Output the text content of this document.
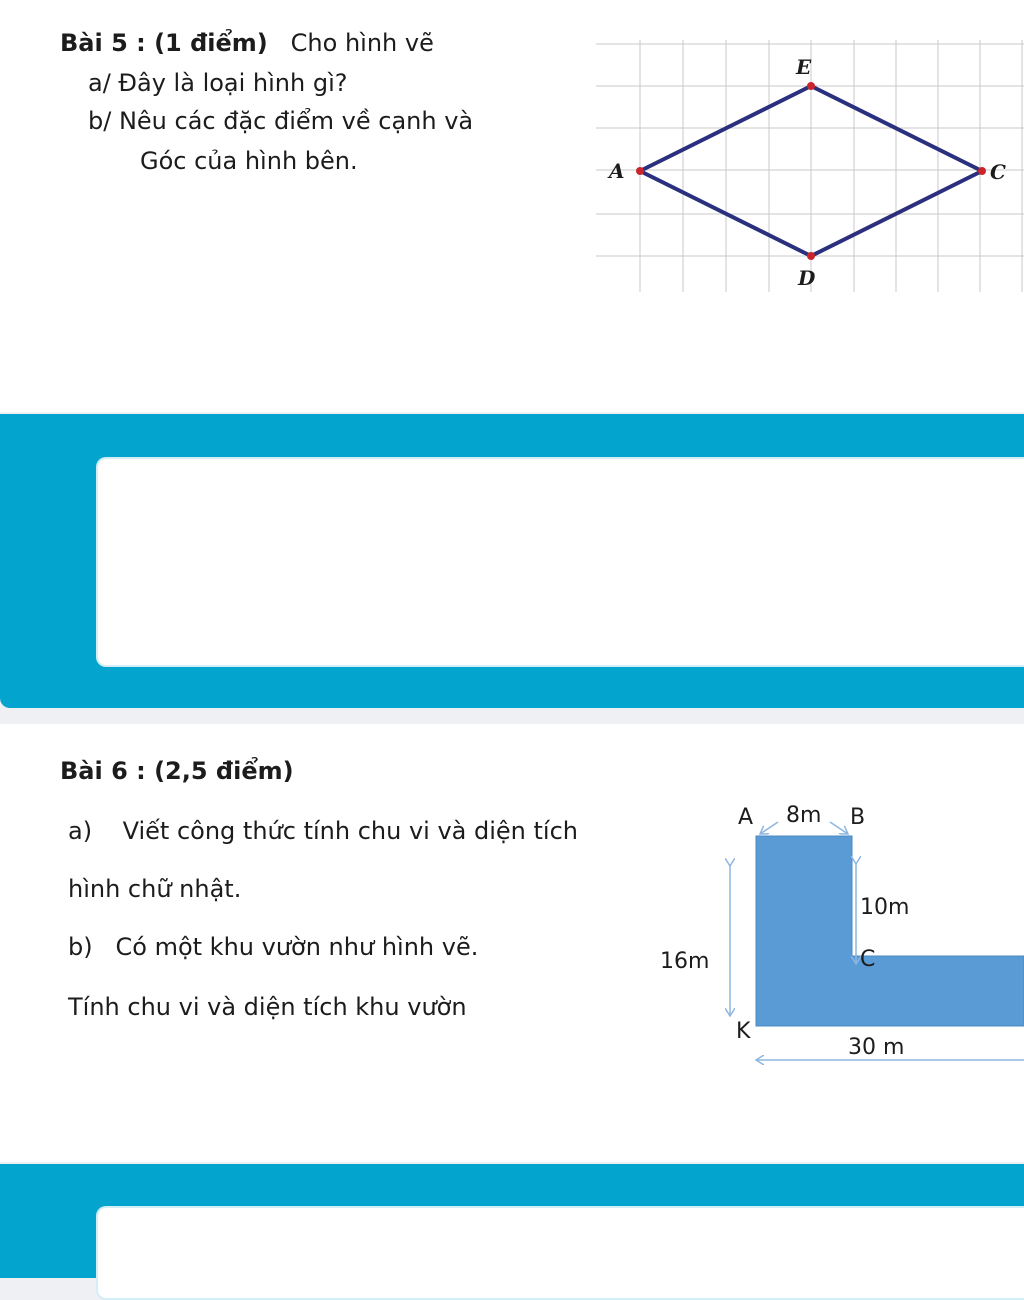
Bài 5 : (1 điểm) Cho hình vẽ
a/ Đây là loại hình gì?
b/ Nêu các đặc điểm về cạnh và
Góc của hình bên.
E
A	C
D
Bài 6 : (2,5 điểm)
a) Viết công thức tính chu vi và diện tích
hình chữ nhật.
b) Có một khu vườn như hình vẽ.
Tính chu vi và diện tích khu vườn
A	B
C
K
8m
10m
16m
30 m
